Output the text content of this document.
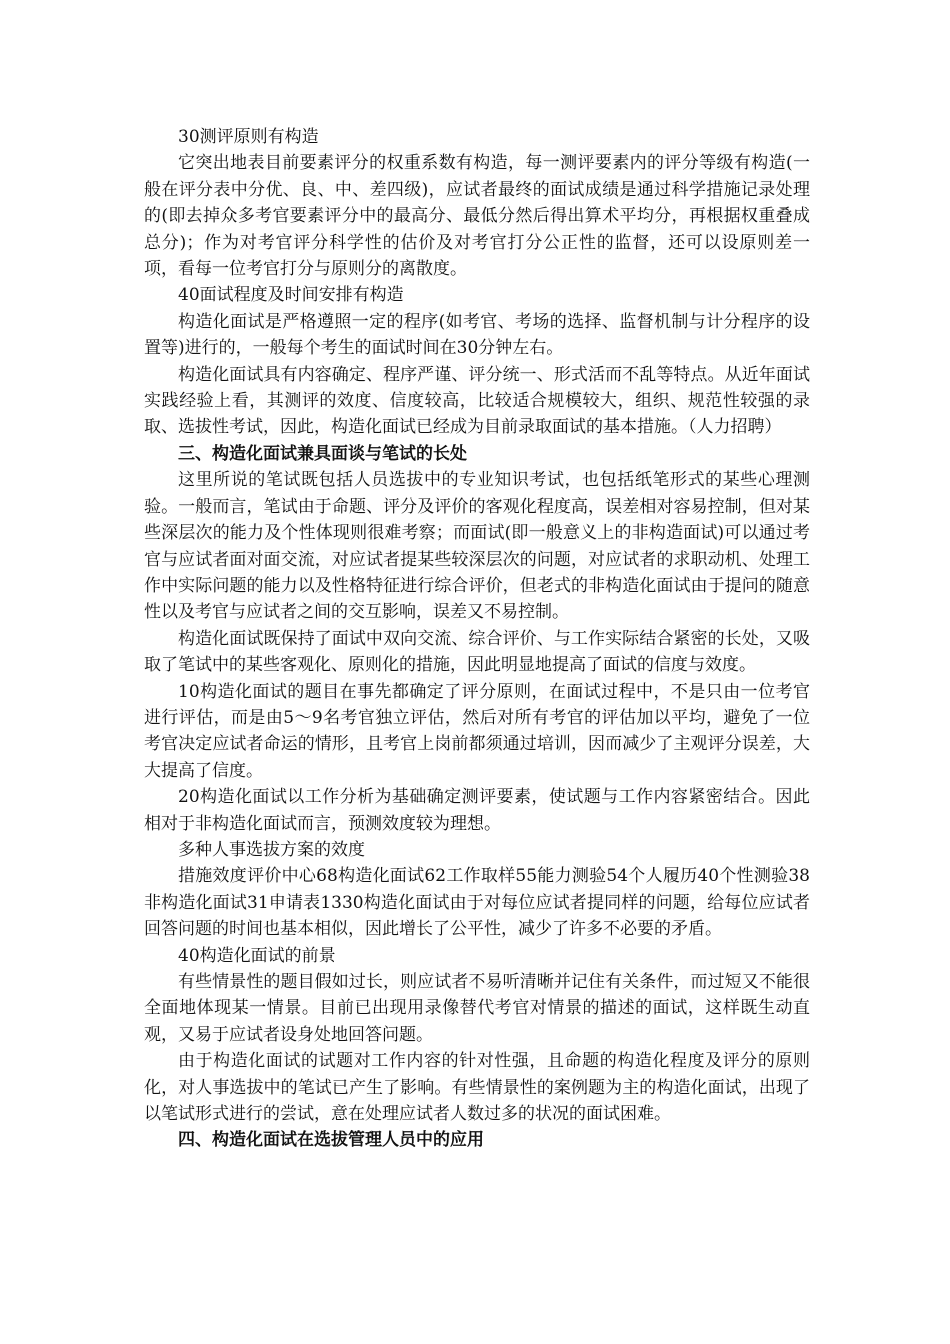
30测评原则有构造

它突出地表目前要素评分的权重系数有构造，每一测评要素内的评分等级有构造(一般在评分表中分优、良、中、差四级)，应试者最终的面试成绩是通过科学措施记录处理的(即去掉众多考官要素评分中的最高分、最低分然后得出算术平均分，再根据权重叠成总分)；作为对考官评分科学性的估价及对考官打分公正性的监督，还可以设原则差一项，看每一位考官打分与原则分的离散度。

40面试程度及时间安排有构造

构造化面试是严格遵照一定的程序(如考官、考场的选择、监督机制与计分程序的设置等)进行的，一般每个考生的面试时间在30分钟左右。

构造化面试具有内容确定、程序严谨、评分统一、形式活而不乱等特点。从近年面试实践经验上看，其测评的效度、信度较高，比较适合规模较大，组织、规范性较强的录取、选拔性考试，因此，构造化面试已经成为目前录取面试的基本措施。（人力招聘）

三、构造化面试兼具面谈与笔试的长处

这里所说的笔试既包括人员选拔中的专业知识考试，也包括纸笔形式的某些心理测验。一般而言，笔试由于命题、评分及评价的客观化程度高，误差相对容易控制，但对某些深层次的能力及个性体现则很难考察；而面试(即一般意义上的非构造面试)可以通过考官与应试者面对面交流，对应试者提某些较深层次的问题，对应试者的求职动机、处理工作中实际问题的能力以及性格特征进行综合评价，但老式的非构造化面试由于提问的随意性以及考官与应试者之间的交互影响，误差又不易控制。

构造化面试既保持了面试中双向交流、综合评价、与工作实际结合紧密的长处，又吸取了笔试中的某些客观化、原则化的措施，因此明显地提高了面试的信度与效度。

10构造化面试的题目在事先都确定了评分原则，在面试过程中，不是只由一位考官进行评估，而是由5～9名考官独立评估，然后对所有考官的评估加以平均，避免了一位考官决定应试者命运的情形，且考官上岗前都须通过培训，因而减少了主观评分误差，大大提高了信度。

20构造化面试以工作分析为基础确定测评要素，使试题与工作内容紧密结合。因此相对于非构造化面试而言，预测效度较为理想。

多种人事选拔方案的效度

措施效度评价中心68构造化面试62工作取样55能力测验54个人履历40个性测验38非构造化面试31申请表1330构造化面试由于对每位应试者提同样的问题，给每位应试者回答问题的时间也基本相似，因此增长了公平性，减少了许多不必要的矛盾。

40构造化面试的前景

有些情景性的题目假如过长，则应试者不易听清晰并记住有关条件，而过短又不能很全面地体现某一情景。目前已出现用录像替代考官对情景的描述的面试，这样既生动直观，又易于应试者设身处地回答问题。

由于构造化面试的试题对工作内容的针对性强，且命题的构造化程度及评分的原则化，对人事选拔中的笔试已产生了影响。有些情景性的案例题为主的构造化面试，出现了以笔试形式进行的尝试，意在处理应试者人数过多的状况的面试困难。

四、构造化面试在选拔管理人员中的应用
